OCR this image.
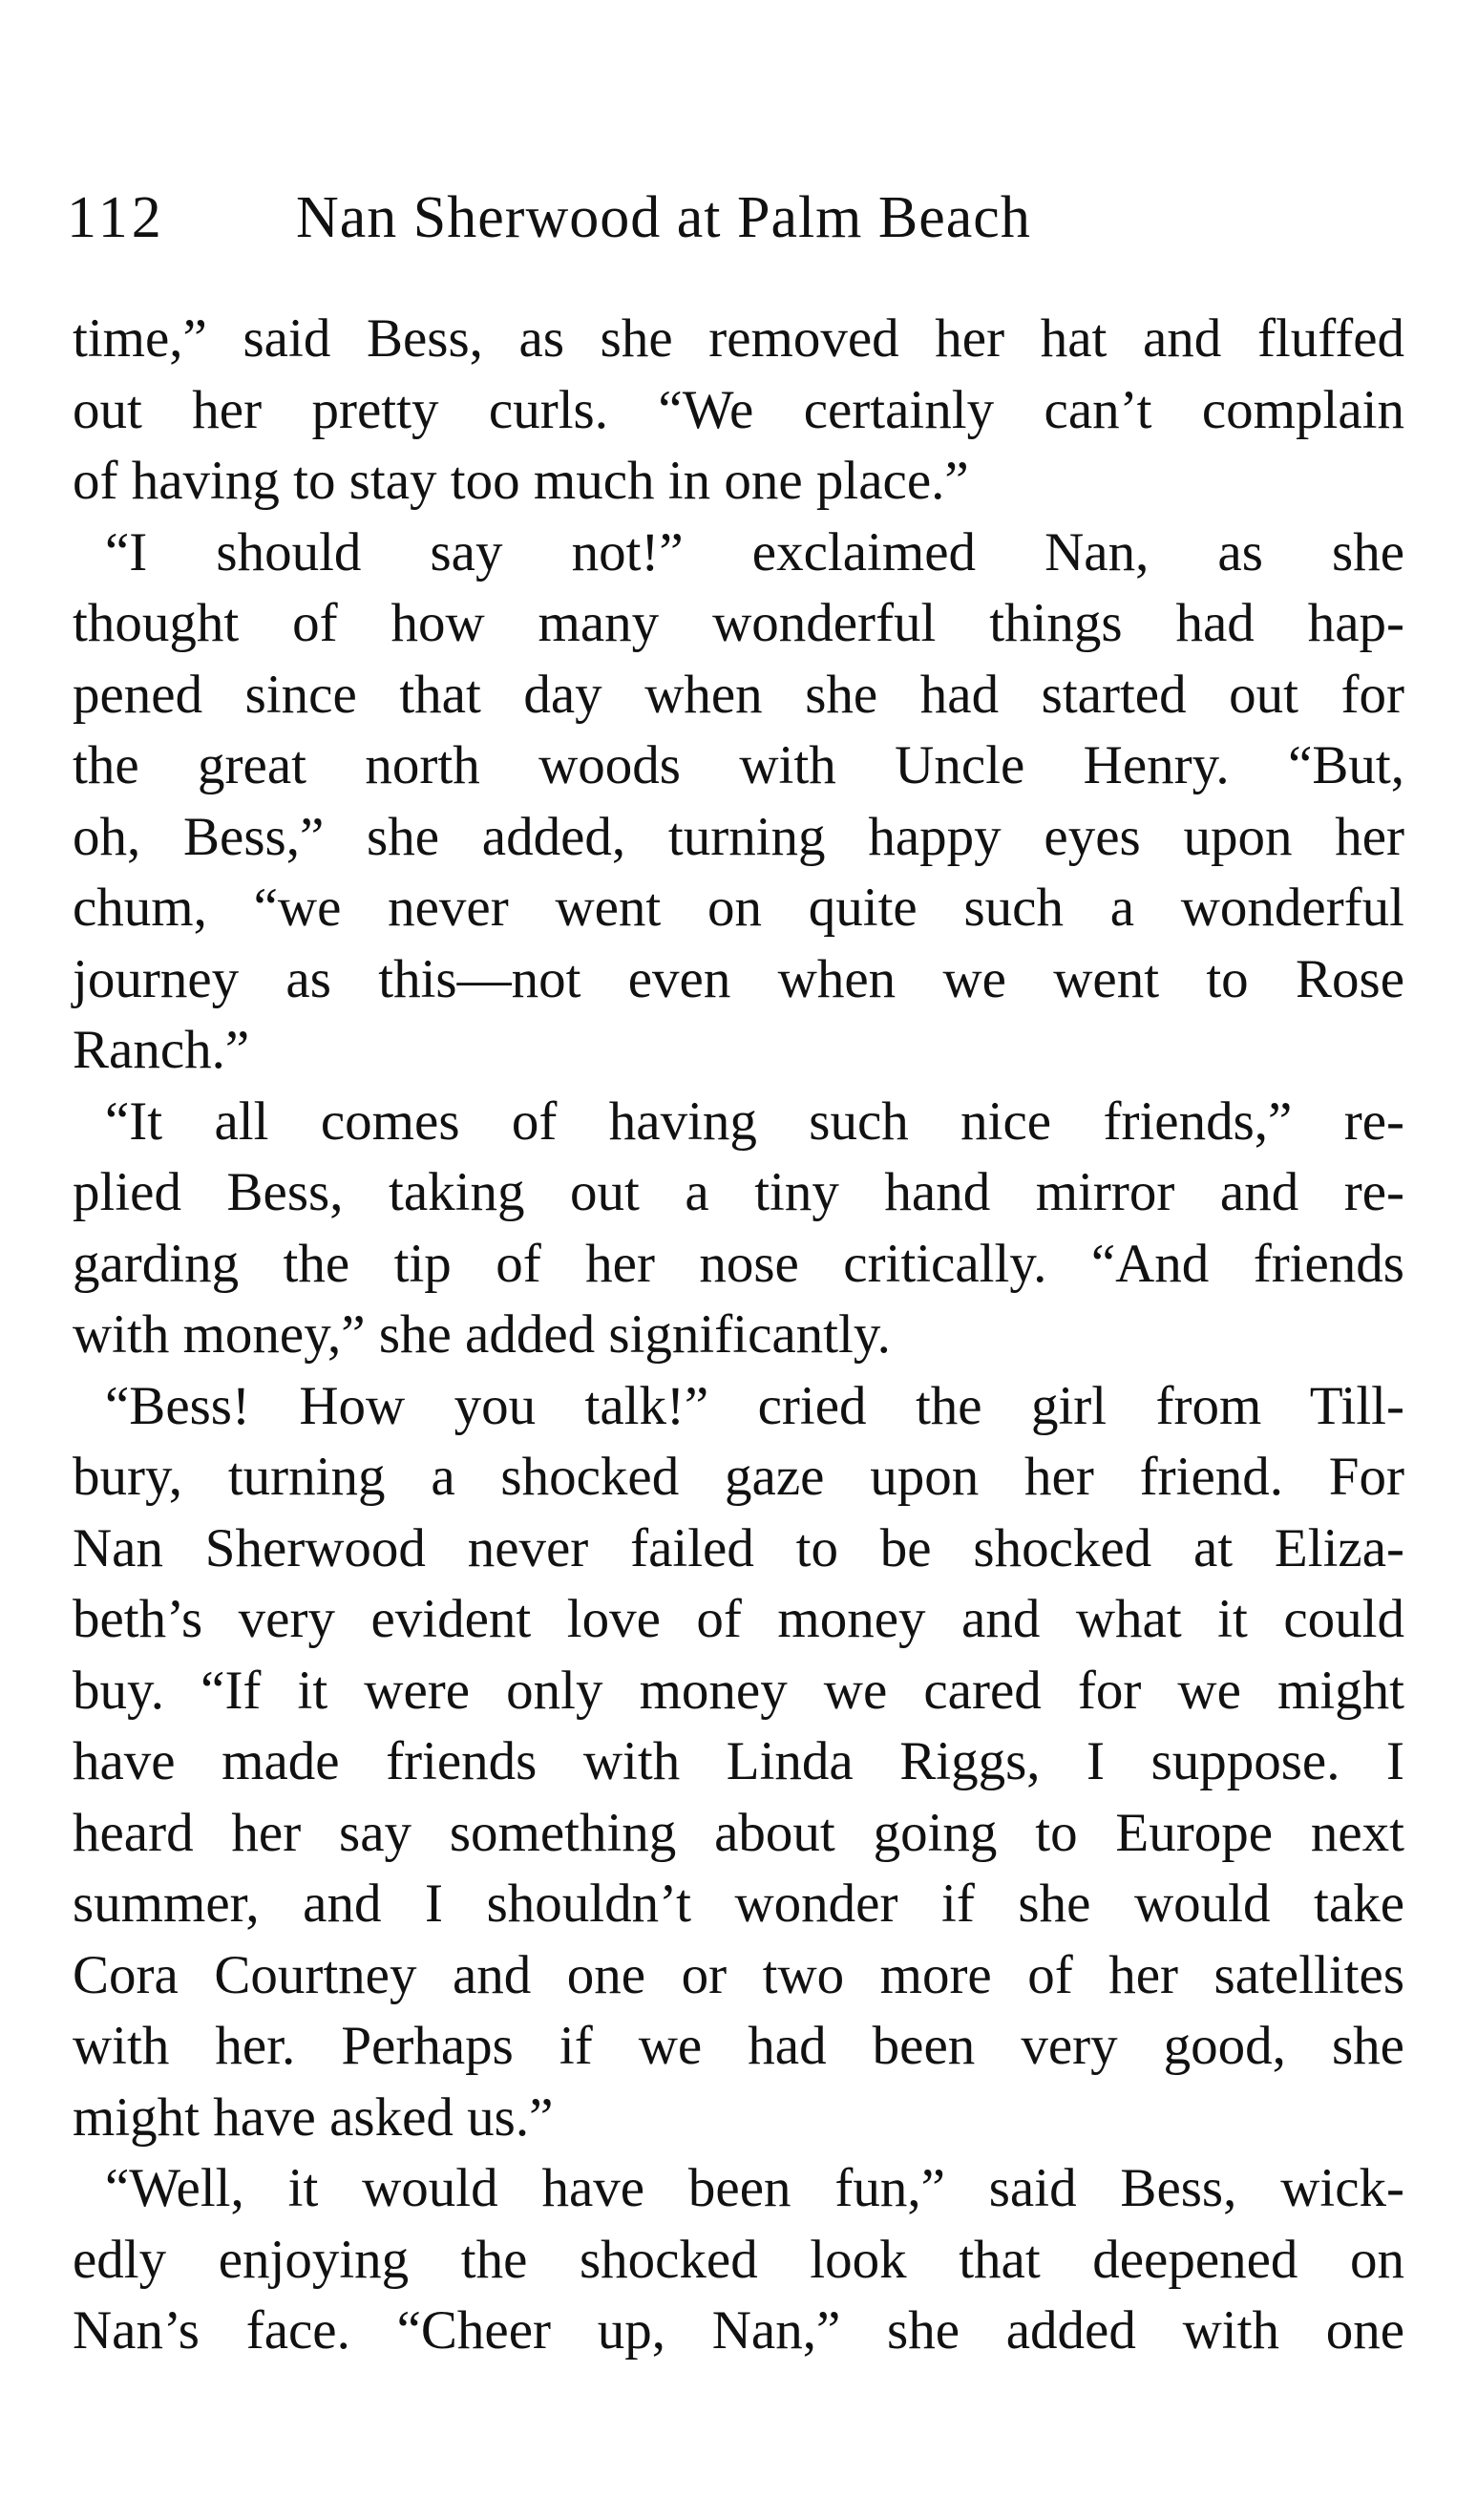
112 Nan Sherwood at Palm Beach
time,” said Bess, as she removed her hat and fluffed
out her pretty curls. “We certainly can’t complain
of having to stay too much in one place.”
“I should say not!” exclaimed Nan, as she
thought of how many wonderful things had hap-
pened since that day when she had started out for
the great north woods with Uncle Henry. “But,
oh, Bess,” she added, turning happy eyes upon her
chum, “we never went on quite such a wonderful
journey as this—not even when we went to Rose
Ranch.”
“It all comes of having such nice friends,” re-
plied Bess, taking out a tiny hand mirror and re-
garding the tip of her nose critically. “And friends
with money,” she added significantly.
“Bess! How you talk!” cried the girl from Till-
bury, turning a shocked gaze upon her friend. For
Nan Sherwood never failed to be shocked at Eliza-
beth’s very evident love of money and what it could
buy. “If it were only money we cared for we might
have made friends with Linda Riggs, I suppose. I
heard her say something about going to Europe next
summer, and I shouldn’t wonder if she would take
Cora Courtney and one or two more of her satellites
with her. Perhaps if we had been very good, she
might have asked us.”
“Well, it would have been fun,” said Bess, wick-
edly enjoying the shocked look that deepened on
Nan’s face. “Cheer up, Nan,” she added with one
